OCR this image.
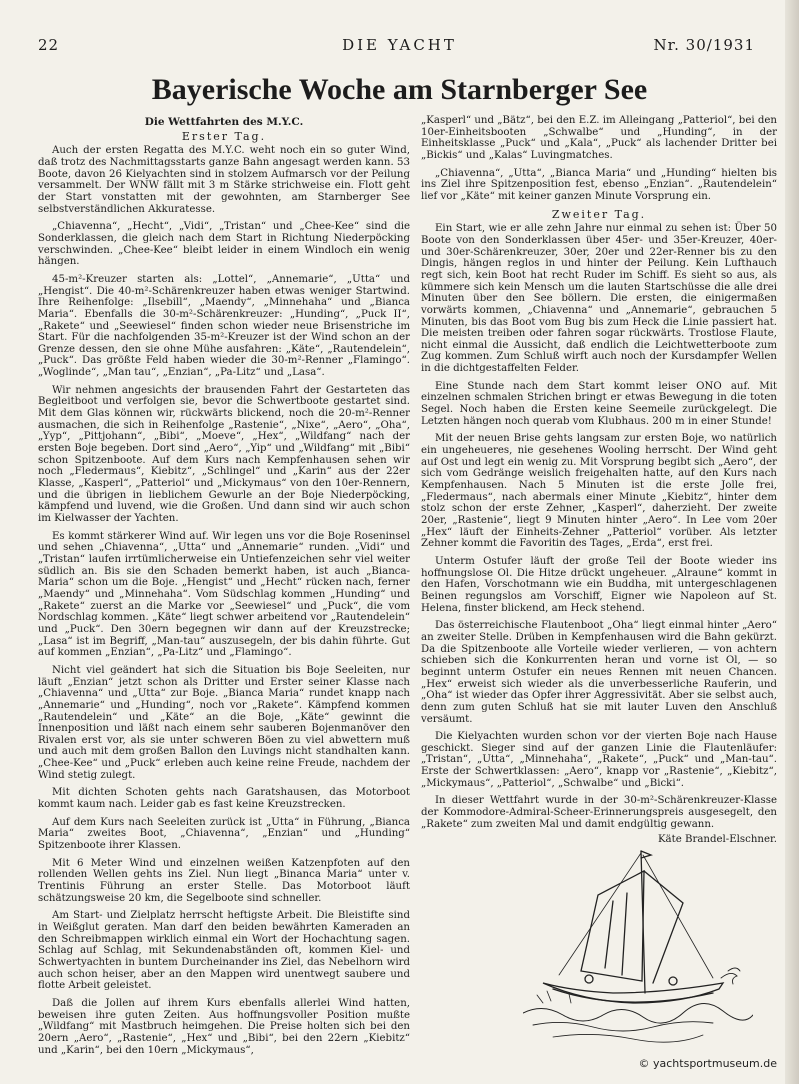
22	DIE YACHT	Nr. 30/1931
Bayerische Woche am Starnberger See
Die Wettfahrten des M.Y.C.
Erster Tag.

Auch der ersten Regatta des M.Y.C. weht noch ein so guter Wind, daß trotz des Nachmittagsstarts ganze Bahn angesagt werden kann. 53 Boote, davon 26 Kielyachten sind in stolzem Aufmarsch vor der Peilung versammelt. Der WNW fällt mit 3 m Stärke strichweise ein. Flott geht der Start vonstatten mit der gewohnten, am Starnberger See selbstverständlichen Akkuratesse.

„Chiavenna“, „Hecht“, „Vidi“, „Tristan“ und „Chee-Kee“ sind die Sonderklassen, die gleich nach dem Start in Richtung Niederpöcking verschwinden. „Chee-Kee“ bleibt leider in einem Windloch ein wenig hängen.

45-m²-Kreuzer starten als: „Lottel“, „Annemarie“, „Utta“ und „Hengist“. Die 40-m²-Schärenkreuzer haben etwas weniger Startwind. Ihre Reihenfolge: „Ilsebill“, „Maendy“, „Minnehaha“ und „Bianca Maria“. Ebenfalls die 30-m²-Schärenkreuzer: „Hunding“, „Puck II“, „Rakete“ und „Seewiesel“ finden schon wieder neue Brisenstriche im Start. Für die nachfolgenden 35-m²-Kreuzer ist der Wind schon an der Grenze dessen, den sie ohne Mühe ausfahren: „Käte“, „Rautendelein“, „Puck“. Das größte Feld haben wieder die 30-m²-Renner „Flamingo“. „Woglinde“, „Man tau“, „Enzian“, „Pa-Litz“ und „Lasa“.

Wir nehmen angesichts der brausenden Fahrt der Gestarteten das Begleitboot und verfolgen sie, bevor die Schwertboote gestartet sind. Mit dem Glas können wir, rückwärts blickend, noch die 20-m²-Renner ausmachen, die sich in Reihenfolge „Rastenie“, „Nixe“, „Aero“, „Oha“, „Yyp“, „Pittjohann“, „Bibi“, „Moeve“, „Hex“, „Wildfang“ nach der ersten Boje begeben. Dort sind „Aero“, „Yip“ und „Wildfang“ mit „Bibi“ schon Spitzenboote. Auf dem Kurs nach Kempfenhausen sehen wir noch „Fledermaus“, Kiebitz“, „Schlingel“ und „Karin“ aus der 22er Klasse, „Kasperl“, „Patteriol“ und „Mickymaus“ von den 10er-Rennern, und die übrigen in lieblichem Gewurle an der Boje Niederpöcking, kämpfend und luvend, wie die Großen. Und dann sind wir auch schon im Kielwasser der Yachten.

Es kommt stärkerer Wind auf. Wir legen uns vor die Boje Roseninsel und sehen „Chiavenna“, „Utta“ und „Annemarie“ runden. „Vidi“ und „Tristan“ laufen irrtümlicherweise ein Untiefenzeichen sehr viel weiter südlich an. Bis sie den Schaden bemerkt haben, ist auch „Bianca-Maria“ schon um die Boje. „Hengist“ und „Hecht“ rücken nach, ferner „Maendy“ und „Minnehaha“. Vom Südschlag kommen „Hunding“ und „Rakete“ zuerst an die Marke vor „Seewiesel“ und „Puck“, die vom Nordschlag kommen. „Käte“ liegt schwer arbeitend vor „Rautendelein“ und „Puck“. Den 30ern begegnen wir dann auf der Kreuzstrecke; „Lasa“ ist im Begriff, „Man-tau“ auszusegeln, der bis dahin führte. Gut auf kommen „Enzian“, „Pa-Litz“ und „Flamingo“.

Nicht viel geändert hat sich die Situation bis Boje Seeleiten, nur läuft „Enzian“ jetzt schon als Dritter und Erster seiner Klasse nach „Chiavenna“ und „Utta“ zur Boje. „Bianca Maria“ rundet knapp nach „Annemarie“ und „Hunding“, noch vor „Rakete“. Kämpfend kommen „Rautendelein“ und „Käte“ an die Boje, „Käte“ gewinnt die Innenposition und läßt nach einem sehr sauberen Bojenmanöver den Rivalen erst vor, als sie unter schweren Böen zu viel abwettern muß und auch mit dem großen Ballon den Luvings nicht standhalten kann. „Chee-Kee“ und „Puck“ erleben auch keine reine Freude, nachdem der Wind stetig zulegt.

Mit dichten Schoten gehts nach Garatshausen, das Motorboot kommt kaum nach. Leider gab es fast keine Kreuzstrecken.

Auf dem Kurs nach Seeleiten zurück ist „Utta“ in Führung, „Bianca Maria“ zweites Boot, „Chiavenna“, „Enzian“ und „Hunding“ Spitzenboote ihrer Klassen.

Mit 6 Meter Wind und einzelnen weißen Katzenpfoten auf den rollenden Wellen gehts ins Ziel. Nun liegt „Binanca Maria“ unter v. Trentinis Führung an erster Stelle. Das Motorboot läuft schätzungsweise 20 km, die Segelboote sind schneller.

Am Start- und Zielplatz herrscht heftigste Arbeit. Die Bleistifte sind in Weißglut geraten. Man darf den beiden bewährten Kameraden an den Schreibmappen wirklich einmal ein Wort der Hochachtung sagen. Schlag auf Schlag, mit Sekundenabständen oft, kommen Kiel- und Schwertyachten in buntem Durcheinander ins Ziel, das Nebelhorn wird auch schon heiser, aber an den Mappen wird unentwegt saubere und flotte Arbeit geleistet.

Daß die Jollen auf ihrem Kurs ebenfalls allerlei Wind hatten, beweisen ihre guten Zeiten. Aus hoffnungsvoller Position mußte „Wildfang“ mit Mastbruch heimgehen. Die Preise holten sich bei den 20ern „Aero“, „Rastenie“, „Hex“ und „Bibi“, bei den 22ern „Kiebitz“ und „Karin“, bei den 10ern „Mickymaus“,

„Kasperl“ und „Bätz“, bei den E.Z. im Alleingang „Patteriol“, bei den 10er-Einheitsbooten „Schwalbe“ und „Hunding“, in der Einheitsklasse „Puck“ und „Kala“, „Puck“ als lachender Dritter bei „Bickis“ und „Kalas“ Luvingmatches.

„Chiavenna“, „Utta“, „Bianca Maria“ und „Hunding“ hielten bis ins Ziel ihre Spitzenposition fest, ebenso „Enzian“. „Rautendelein“ lief vor „Käte“ mit keiner ganzen Minute Vorsprung ein.

Zweiter Tag.

Ein Start, wie er alle zehn Jahre nur einmal zu sehen ist: Über 50 Boote von den Sonderklassen über 45er- und 35er-Kreuzer, 40er- und 30er-Schärenkreuzer, 30er, 20er und 22er-Renner bis zu den Dingis, hängen reglos in und hinter der Peilung. Kein Lufthauch regt sich, kein Boot hat recht Ruder im Schiff. Es sieht so aus, als kümmere sich kein Mensch um die lauten Startschüsse die alle drei Minuten über den See böllern. Die ersten, die einigermaßen vorwärts kommen, „Chiavenna“ und „Annemarie“, gebrauchen 5 Minuten, bis das Boot vom Bug bis zum Heck die Linie passiert hat. Die meisten treiben oder fahren sogar rückwärts. Trostlose Flaute, nicht einmal die Aussicht, daß endlich die Leichtwetterboote zum Zug kommen. Zum Schluß wirft auch noch der Kursdampfer Wellen in die dichtgestaffelten Felder.

Eine Stunde nach dem Start kommt leiser ONO auf. Mit einzelnen schmalen Strichen bringt er etwas Bewegung in die toten Segel. Noch haben die Ersten keine Seemeile zurückgelegt. Die Letzten hängen noch querab vom Klubhaus. 200 m in einer Stunde!

Mit der neuen Brise gehts langsam zur ersten Boje, wo natürlich ein ungeheueres, nie gesehenes Wooling herrscht. Der Wind geht auf Ost und legt ein wenig zu. Mit Vorsprung begibt sich „Aero“, der sich vom Gedränge weislich freigehalten hatte, auf den Kurs nach Kempfenhausen. Nach 5 Minuten ist die erste Jolle frei, „Fledermaus“, nach abermals einer Minute „Kiebitz“, hinter dem stolz schon der erste Zehner, „Kasperl“, daherzieht. Der zweite 20er, „Rastenie“, liegt 9 Minuten hinter „Aero“. In Lee vom 20er „Hex“ läuft der Einheits-Zehner „Patteriol“ vorüber. Als letzter Zehner kommt die Favoritin des Tages, „Erda“, erst frei.

Unterm Ostufer läuft der große Teil der Boote wieder ins hoffnungslose Ol. Die Hitze drückt ungeheuer. „Alraune“ kommt in den Hafen, Vorschotmann wie ein Buddha, mit untergeschlagenen Beinen regungslos am Vorschiff, Eigner wie Napoleon auf St. Helena, finster blickend, am Heck stehend.

Das österreichische Flautenboot „Oha“ liegt einmal hinter „Aero“ an zweiter Stelle. Drüben in Kempfenhausen wird die Bahn gekürzt. Da die Spitzenboote alle Vorteile wieder verlieren, — von achtern schieben sich die Konkurrenten heran und vorne ist Ol, — so beginnt unterm Ostufer ein neues Rennen mit neuen Chancen. „Hex“ erweist sich wieder als die unverbesserliche Rauferin, und „Oha“ ist wieder das Opfer ihrer Aggressivität. Aber sie selbst auch, denn zum guten Schluß hat sie mit lauter Luven den Anschluß versäumt.

Die Kielyachten wurden schon vor der vierten Boje nach Hause geschickt. Sieger sind auf der ganzen Linie die Flautenläufer: „Tristan“, „Utta“, „Minnehaha“, „Rakete“, „Puck“ und „Man-tau“. Erste der Schwertklassen: „Aero“, knapp vor „Rastenie“, „Kiebitz“, „Mickymaus“, „Patteriol“, „Schwalbe“ und „Bicki“.

In dieser Wettfahrt wurde in der 30-m²-Schärenkreuzer-Klasse der Kommodore-Admiral-Scheer-Erinnerungspreis ausgesegelt, den „Rakete“ zum zweiten Mal und damit endgültig gewann.

Käte Brandel-Elschner.
© yachtsportmuseum.de
